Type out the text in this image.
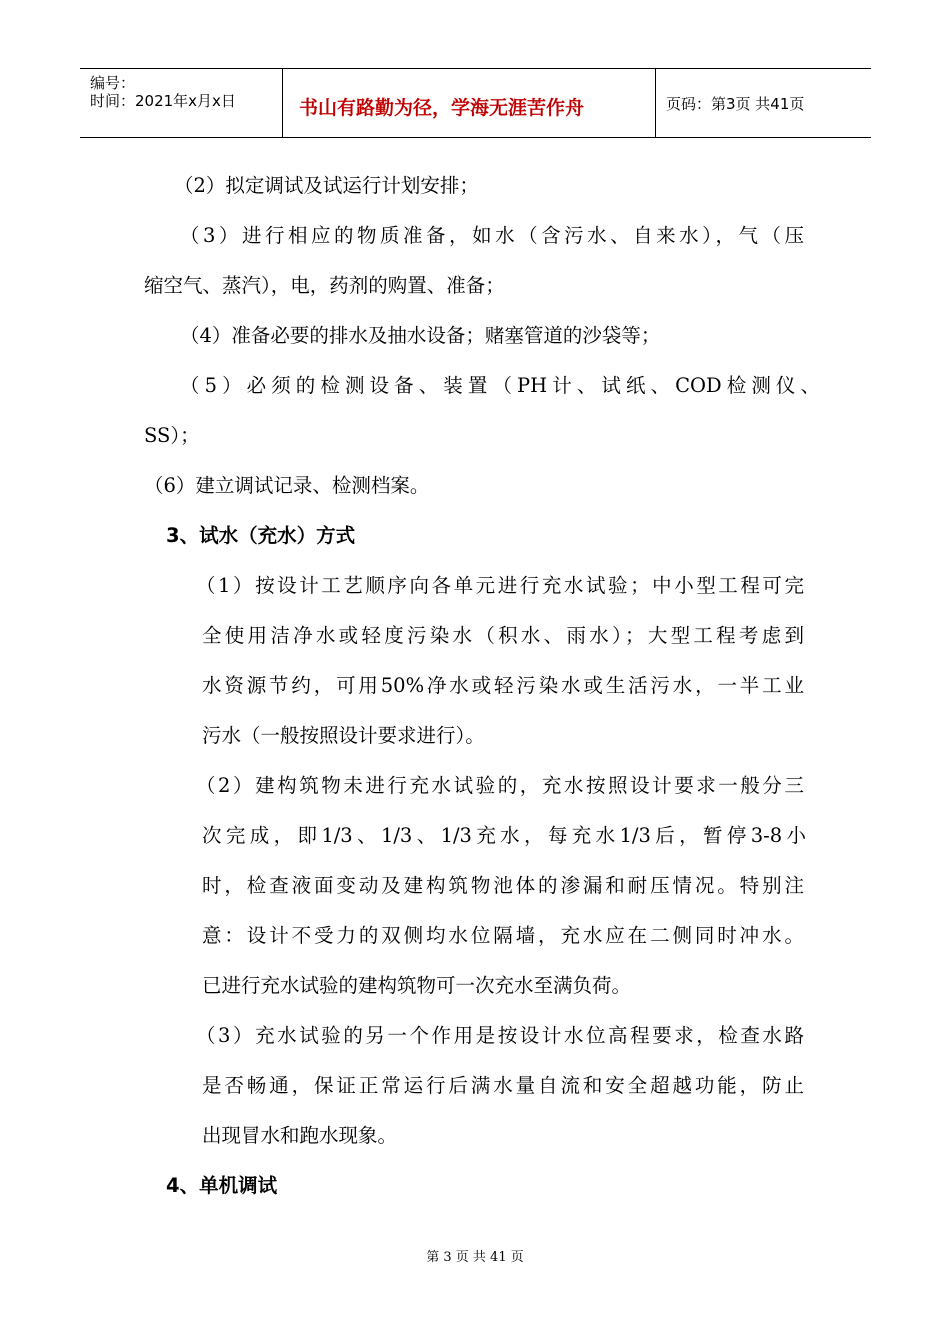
编号：
时间：2021年x月x日	书山有路勤为径，学海无涯苦作舟	页码：第3页 共41页
（2）拟定调试及试运行计划安排；
（3）进行相应的物质准备，如水（含污水、自来水），气（压
缩空气、蒸汽），电，药剂的购置、准备；
（4）准备必要的排水及抽水设备；赌塞管道的沙袋等；
（5）必须的检测设备、装置（PH计、试纸、COD检测仪、
SS）；
（6）建立调试记录、检测档案。
3、试水（充水）方式
（1）按设计工艺顺序向各单元进行充水试验；中小型工程可完
全使用洁净水或轻度污染水（积水、雨水）；大型工程考虑到
水资源节约，可用50%净水或轻污染水或生活污水，一半工业
污水（一般按照设计要求进行）。
（2）建构筑物未进行充水试验的，充水按照设计要求一般分三
次完成，即1/3、1/3、1/3充水，每充水1/3后，暂停3-8小
时，检查液面变动及建构筑物池体的渗漏和耐压情况。特别注
意：设计不受力的双侧均水位隔墙，充水应在二侧同时冲水。
已进行充水试验的建构筑物可一次充水至满负荷。
（3）充水试验的另一个作用是按设计水位高程要求，检查水路
是否畅通，保证正常运行后满水量自流和安全超越功能，防止
出现冒水和跑水现象。
4、单机调试
第 3 页 共 41 页
